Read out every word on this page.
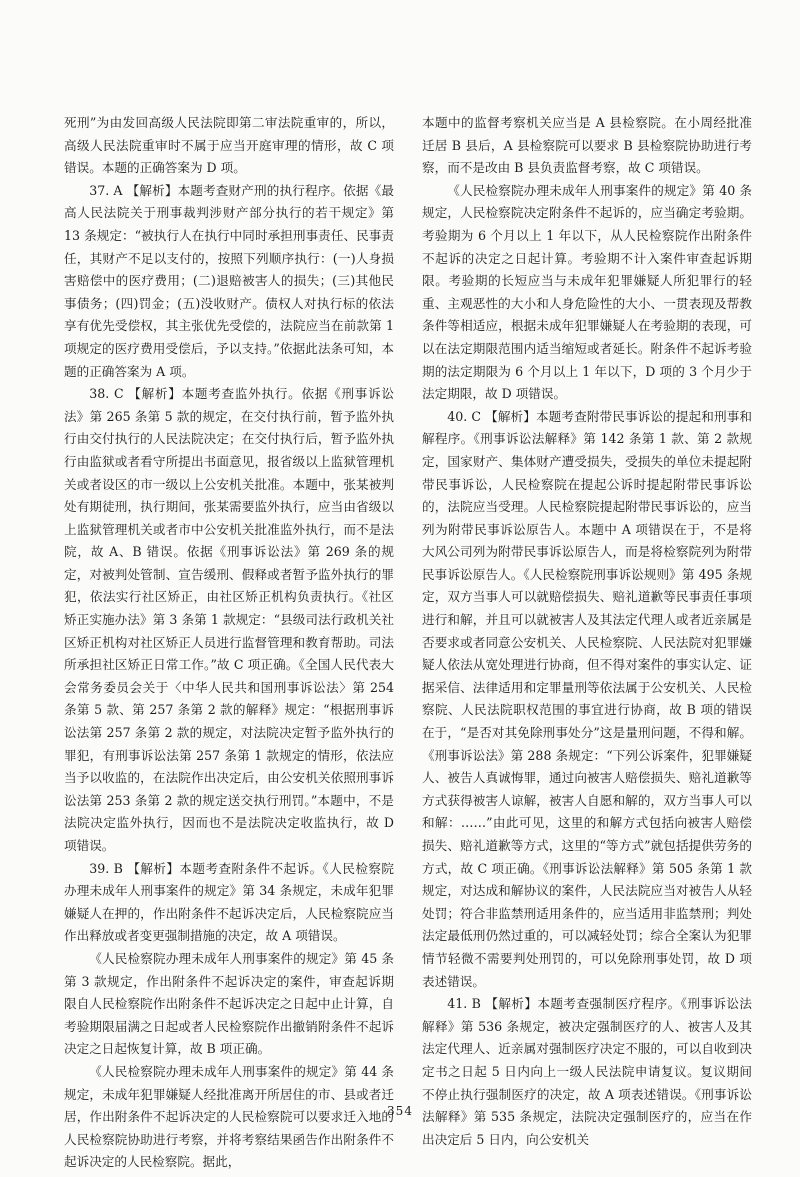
死刑”为由发回高级人民法院即第二审法院重审的，所以，高级人民法院重审时不属于应当开庭审理的情形，故 C 项错误。本题的正确答案为 D 项。

37. A 【解析】本题考查财产刑的执行程序。依据《最高人民法院关于刑事裁判涉财产部分执行的若干规定》第 13 条规定：“被执行人在执行中同时承担刑事责任、民事责任，其财产不足以支付的，按照下列顺序执行：(一)人身损害赔偿中的医疗费用；(二)退赔被害人的损失；(三)其他民事债务；(四)罚金；(五)没收财产。债权人对执行标的依法享有优先受偿权，其主张优先受偿的，法院应当在前款第 1 项规定的医疗费用受偿后，予以支持。”依据此法条可知，本题的正确答案为 A 项。

38. C 【解析】本题考查监外执行。依据《刑事诉讼法》第 265 条第 5 款的规定，在交付执行前，暂予监外执行由交付执行的人民法院决定；在交付执行后，暂予监外执行由监狱或者看守所提出书面意见，报省级以上监狱管理机关或者设区的市一级以上公安机关批准。本题中，张某被判处有期徒刑，执行期间，张某需要监外执行，应当由省级以上监狱管理机关或者市中公安机关批准监外执行，而不是法院，故 A、B 错误。依据《刑事诉讼法》第 269 条的规定，对被判处管制、宣告缓刑、假释或者暂予监外执行的罪犯，依法实行社区矫正，由社区矫正机构负责执行。《社区矫正实施办法》第 3 条第 1 款规定：“县级司法行政机关社区矫正机构对社区矫正人员进行监督管理和教育帮助。司法所承担社区矫正日常工作。”故 C 项正确。《全国人民代表大会常务委员会关于〈中华人民共和国刑事诉讼法〉第 254 条第 5 款、第 257 条第 2 款的解释》规定：“根据刑事诉讼法第 257 条第 2 款的规定，对法院决定暂予监外执行的罪犯，有刑事诉讼法第 257 条第 1 款规定的情形，依法应当予以收监的，在法院作出决定后，由公安机关依照刑事诉讼法第 253 条第 2 款的规定送交执行刑罚。”本题中，不是法院决定监外执行，因而也不是法院决定收监执行，故 D 项错误。

39. B 【解析】本题考查附条件不起诉。《人民检察院办理未成年人刑事案件的规定》第 34 条规定，未成年犯罪嫌疑人在押的，作出附条件不起诉决定后，人民检察院应当作出释放或者变更强制措施的决定，故 A 项错误。

《人民检察院办理未成年人刑事案件的规定》第 45 条第 3 款规定，作出附条件不起诉决定的案件，审查起诉期限自人民检察院作出附条件不起诉决定之日起中止计算，自考验期限届满之日起或者人民检察院作出撤销附条件不起诉决定之日起恢复计算，故 B 项正确。

《人民检察院办理未成年人刑事案件的规定》第 44 条规定，未成年犯罪嫌疑人经批准离开所居住的市、县或者迁居，作出附条件不起诉决定的人民检察院可以要求迁入地的人民检察院协助进行考察，并将考察结果函告作出附条件不起诉决定的人民检察院。据此，

本题中的监督考察机关应当是 A 县检察院。在小周经批准迁居 B 县后，A 县检察院可以要求 B 县检察院协助进行考察，而不是改由 B 县负责监督考察，故 C 项错误。

《人民检察院办理未成年人刑事案件的规定》第 40 条规定，人民检察院决定附条件不起诉的，应当确定考验期。考验期为 6 个月以上 1 年以下，从人民检察院作出附条件不起诉的决定之日起计算。考验期不计入案件审查起诉期限。考验期的长短应当与未成年犯罪嫌疑人所犯罪行的轻重、主观恶性的大小和人身危险性的大小、一贯表现及帮教条件等相适应，根据未成年犯罪嫌疑人在考验期的表现，可以在法定期限范围内适当缩短或者延长。附条件不起诉考验期的法定期限为 6 个月以上 1 年以下，D 项的 3 个月少于法定期限，故 D 项错误。

40. C 【解析】本题考查附带民事诉讼的提起和刑事和解程序。《刑事诉讼法解释》第 142 条第 1 款、第 2 款规定，国家财产、集体财产遭受损失，受损失的单位未提起附带民事诉讼，人民检察院在提起公诉时提起附带民事诉讼的，法院应当受理。人民检察院提起附带民事诉讼的，应当列为附带民事诉讼原告人。本题中 A 项错误在于，不是将大风公司列为附带民事诉讼原告人，而是将检察院列为附带民事诉讼原告人。《人民检察院刑事诉讼规则》第 495 条规定，双方当事人可以就赔偿损失、赔礼道歉等民事责任事项进行和解，并且可以就被害人及其法定代理人或者近亲属是否要求或者同意公安机关、人民检察院、人民法院对犯罪嫌疑人依法从宽处理进行协商，但不得对案件的事实认定、证据采信、法律适用和定罪量刑等依法属于公安机关、人民检察院、人民法院职权范围的事宜进行协商，故 B 项的错误在于，“是否对其免除刑事处分”这是量刑问题，不得和解。《刑事诉讼法》第 288 条规定：“下列公诉案件，犯罪嫌疑人、被告人真诚悔罪，通过向被害人赔偿损失、赔礼道歉等方式获得被害人谅解，被害人自愿和解的，双方当事人可以和解：……”由此可见，这里的和解方式包括向被害人赔偿损失、赔礼道歉等方式，这里的“等方式”就包括提供劳务的方式，故 C 项正确。《刑事诉讼法解释》第 505 条第 1 款规定，对达成和解协议的案件，人民法院应当对被告人从轻处罚；符合非监禁刑适用条件的，应当适用非监禁刑；判处法定最低刑仍然过重的，可以减轻处罚；综合全案认为犯罪情节轻微不需要判处刑罚的，可以免除刑事处罚，故 D 项表述错误。

41. B 【解析】本题考查强制医疗程序。《刑事诉讼法解释》第 536 条规定，被决定强制医疗的人、被害人及其法定代理人、近亲属对强制医疗决定不服的，可以自收到决定书之日起 5 日内向上一级人民法院申请复议。复议期间不停止执行强制医疗的决定，故 A 项表述错误。《刑事诉讼法解释》第 535 条规定，法院决定强制医疗的，应当在作出决定后 5 日内，向公安机关

354
